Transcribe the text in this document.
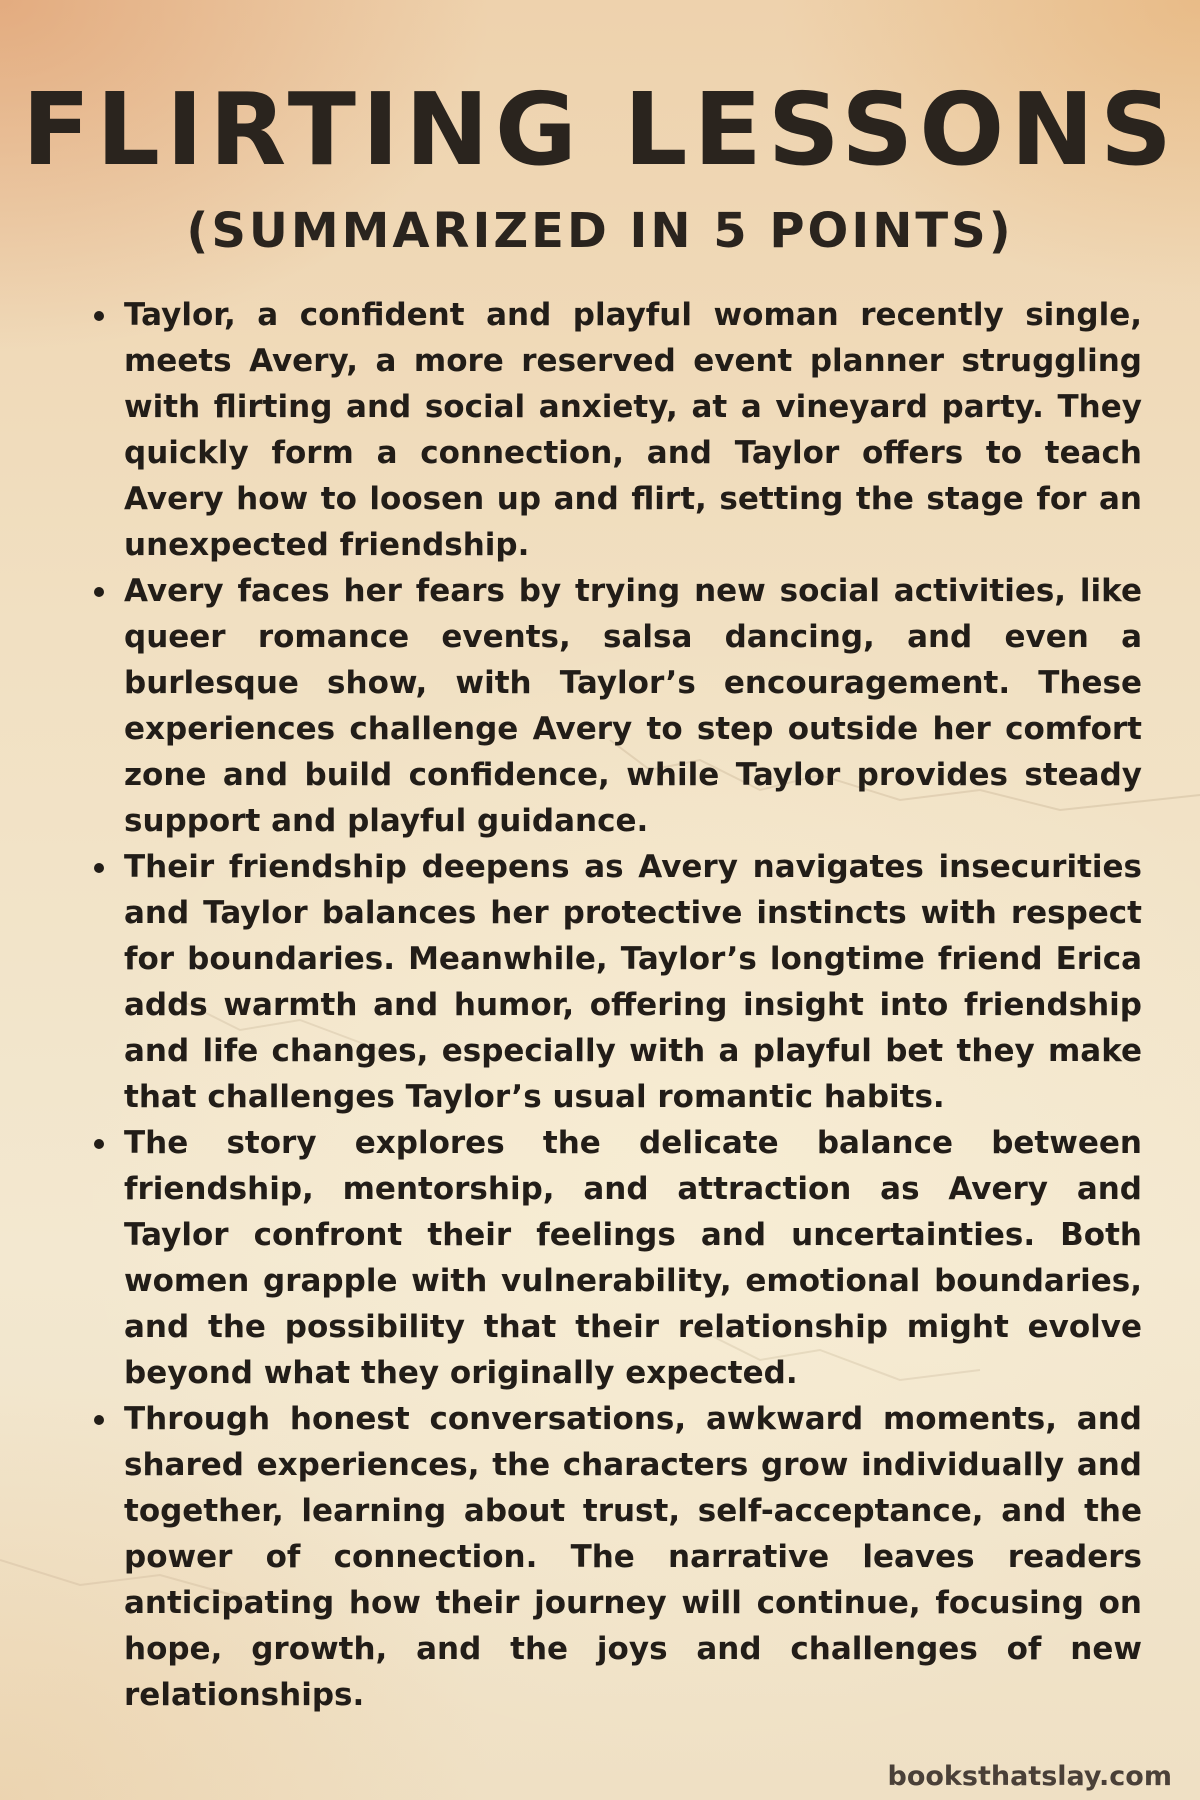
FLIRTING LESSONS
(SUMMARIZED IN 5 POINTS)
Taylor, a confident and playful woman recently single, meets Avery, a more reserved event planner struggling with flirting and social anxiety, at a vineyard party. They quickly form a connection, and Taylor offers to teach Avery how to loosen up and flirt, setting the stage for an unexpected friendship.
Avery faces her fears by trying new social activities, like queer romance events, salsa dancing, and even a burlesque show, with Taylor’s encouragement. These experiences challenge Avery to step outside her comfort zone and build confidence, while Taylor provides steady support and playful guidance.
Their friendship deepens as Avery navigates insecurities and Taylor balances her protective instincts with respect for boundaries. Meanwhile, Taylor’s longtime friend Erica adds warmth and humor, offering insight into friendship and life changes, especially with a playful bet they make that challenges Taylor’s usual romantic habits.
The story explores the delicate balance between friendship, mentorship, and attraction as Avery and Taylor confront their feelings and uncertainties. Both women grapple with vulnerability, emotional boundaries, and the possibility that their relationship might evolve beyond what they originally expected.
Through honest conversations, awkward moments, and shared experiences, the characters grow individually and together, learning about trust, self-acceptance, and the power of connection. The narrative leaves readers anticipating how their journey will continue, focusing on hope, growth, and the joys and challenges of new relationships.

booksthatslay.com
